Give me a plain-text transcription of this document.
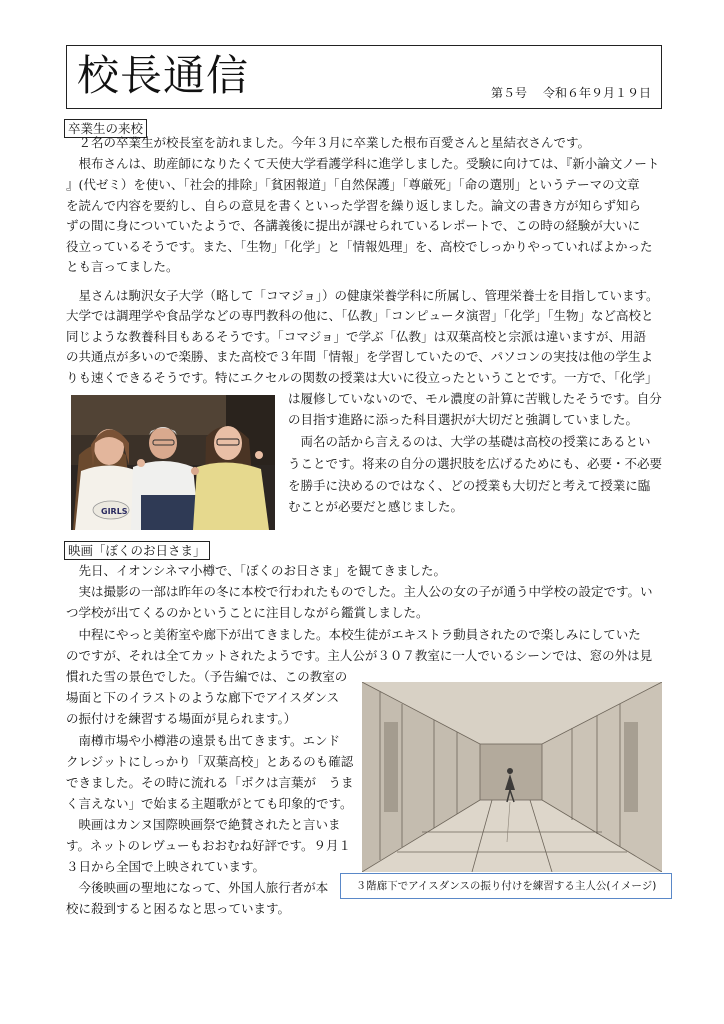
校長通信	第５号 令和６年９月１９日
卒業生の来校
　２名の卒業生が校長室を訪れました。今年３月に卒業した根布百愛さんと星結衣さんです。
　根布さんは、助産師になりたくて天使大学看護学科に進学しました。受験に向けては、『新小論文ノート
』(代ゼミ）を使い、「社会的排除」「貧困報道」「自然保護」「尊厳死」「命の選別」というテーマの文章
を読んで内容を要約し、自らの意見を書くといった学習を繰り返しました。論文の書き方が知らず知ら
ずの間に身についていたようで、各講義後に提出が課せられているレポートで、この時の経験が大いに
役立っているそうです。また、「生物」「化学」と「情報処理」を、高校でしっかりやっていればよかった
とも言ってました。
　星さんは駒沢女子大学（略して「コマジョ」）の健康栄養学科に所属し、管理栄養士を目指しています。
大学では調理学や食品学などの専門教科の他に、「仏教」「コンピュータ演習」「化学」「生物」など高校と
同じような教養科目もあるそうです。「コマジョ」で学ぶ「仏教」は双葉高校と宗派は違いますが、用語
の共通点が多いので楽勝、また高校で３年間「情報」を学習していたので、パソコンの実技は他の学生よ
りも速くできるそうです。特にエクセルの関数の授業は大いに役立ったということです。一方で、「化学」
は履修していないので、モル濃度の計算に苦戦したそうです。自分
の目指す進路に添った科目選択が大切だと強調していました。
　両名の話から言えるのは、大学の基礎は高校の授業にあるとい
うことです。将来の自分の選択肢を広げるためにも、必要・不必要
を勝手に決めるのではなく、どの授業も大切だと考えて授業に臨
むことが必要だと感じました。
GIRLS
映画「ぼくのお日さま」
　先日、イオンシネマ小樽で、「ぼくのお日さま」を観てきました。
　実は撮影の一部は昨年の冬に本校で行われたものでした。主人公の女の子が通う中学校の設定です。い
つ学校が出てくるのかということに注目しながら鑑賞しました。
　中程にやっと美術室や廊下が出てきました。本校生徒がエキストラ動員されたので楽しみにしていた
のですが、それは全てカットされたようです。主人公が３０７教室に一人でいるシーンでは、窓の外は見
慣れた雪の景色でした。（予告編では、この教室の
場面と下のイラストのような廊下でアイスダンス
の振付けを練習する場面が見られます。）
　南樽市場や小樽港の遠景も出てきます。エンド
クレジットにしっかり「双葉高校」とあるのも確認
できました。その時に流れる「ボクは言葉が　うま
く言えない」で始まる主題歌がとても印象的です。
　映画はカンヌ国際映画祭で絶賛されたと言いま
す。ネットのレヴューもおおむね好評です。９月１
３日から全国で上映されています。
　今後映画の聖地になって、外国人旅行者が本
校に殺到すると困るなと思っています。
３階廊下でアイスダンスの振り付けを練習する主人公(イメージ)
